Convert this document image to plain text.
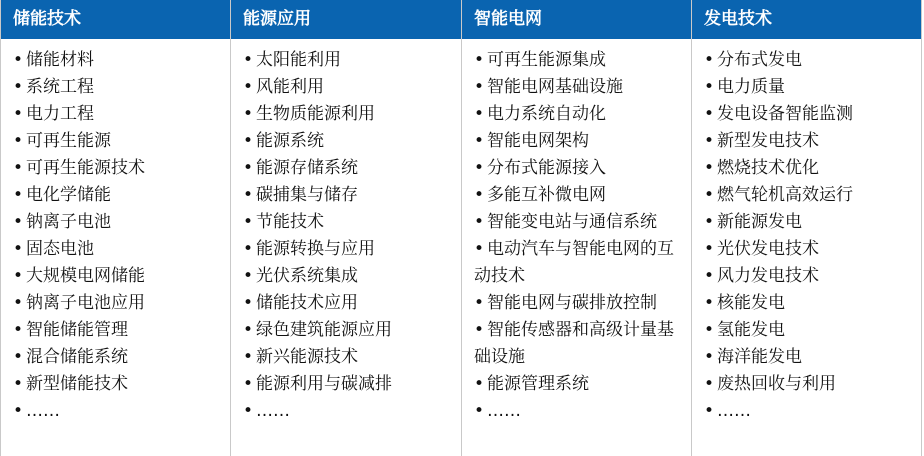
储能技术
• 储能材料
• 系统工程
• 电力工程
• 可再生能源
• 可再生能源技术
• 电化学储能
• 钠离子电池
• 固态电池
• 大规模电网储能
• 钠离子电池应用
• 智能储能管理
• 混合储能系统
• 新型储能技术
• ……
能源应用
• 太阳能利用
• 风能利用
• 生物质能源利用
• 能源系统
• 能源存储系统
• 碳捕集与储存
• 节能技术
• 能源转换与应用
• 光伏系统集成
• 储能技术应用
• 绿色建筑能源应用
• 新兴能源技术
• 能源利用与碳减排
• ……
智能电网
• 可再生能源集成
• 智能电网基础设施
• 电力系统自动化
• 智能电网架构
• 分布式能源接入
• 多能互补微电网
• 智能变电站与通信系统
• 电动汽车与智能电网的互动技术
• 智能电网与碳排放控制
• 智能传感器和高级计量基础设施
• 能源管理系统
• ……
发电技术
• 分布式发电
• 电力质量
• 发电设备智能监测
• 新型发电技术
• 燃烧技术优化
• 燃气轮机高效运行
• 新能源发电
• 光伏发电技术
• 风力发电技术
• 核能发电
• 氢能发电
• 海洋能发电
• 废热回收与利用
• ……
